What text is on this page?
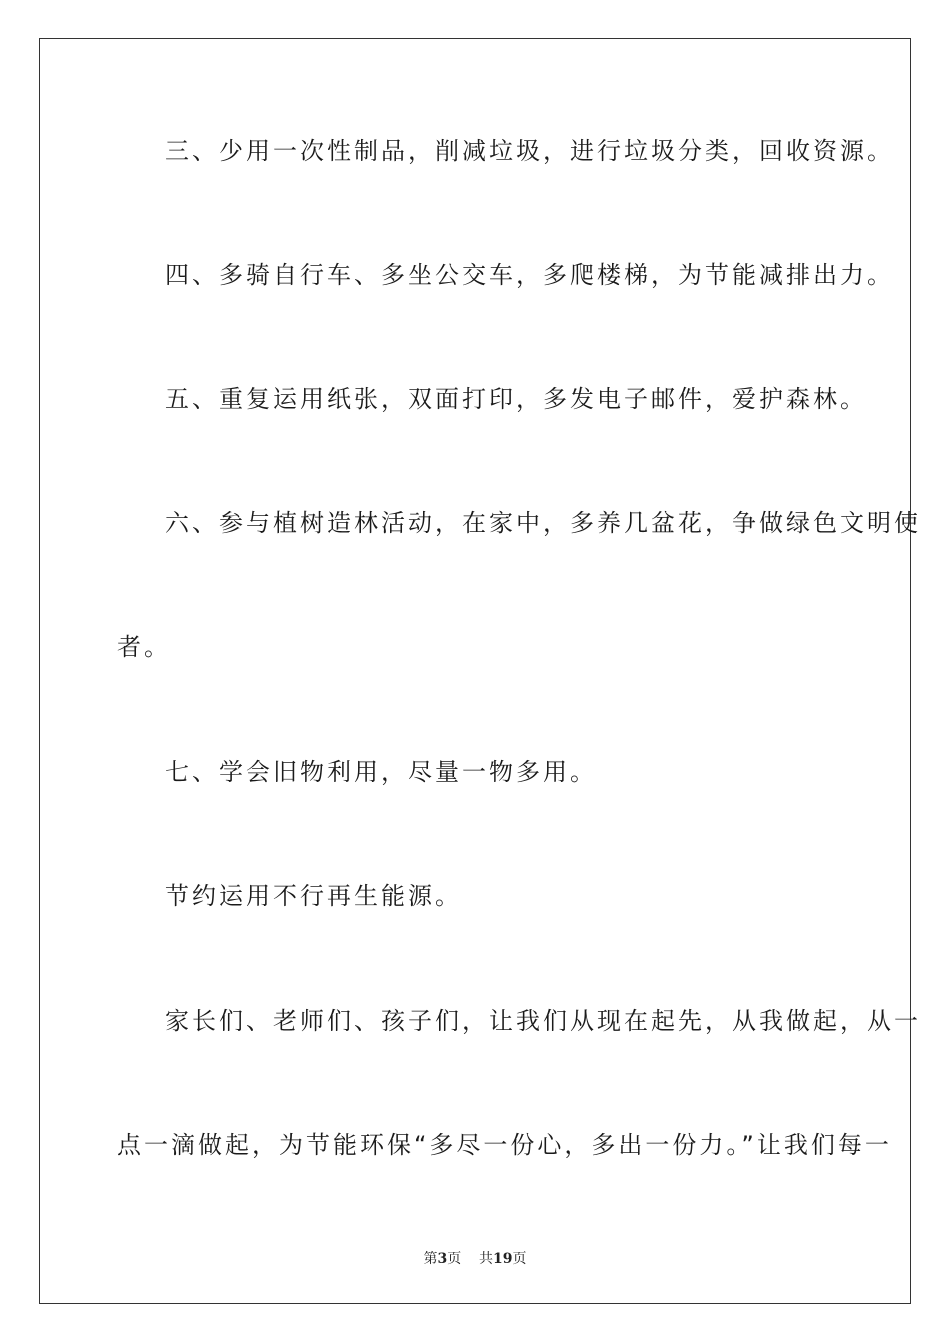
三、少用一次性制品，削减垃圾，进行垃圾分类，回收资源。
四、多骑自行车、多坐公交车，多爬楼梯，为节能减排出力。
五、重复运用纸张，双面打印，多发电子邮件，爱护森林。
六、参与植树造林活动，在家中，多养几盆花，争做绿色文明使
者。
七、学会旧物利用，尽量一物多用。
节约运用不行再生能源。
家长们、老师们、孩子们，让我们从现在起先，从我做起，从一
点一滴做起，为节能环保“多尽一份心，多出一份力。”让我们每一
第3页 共19页
